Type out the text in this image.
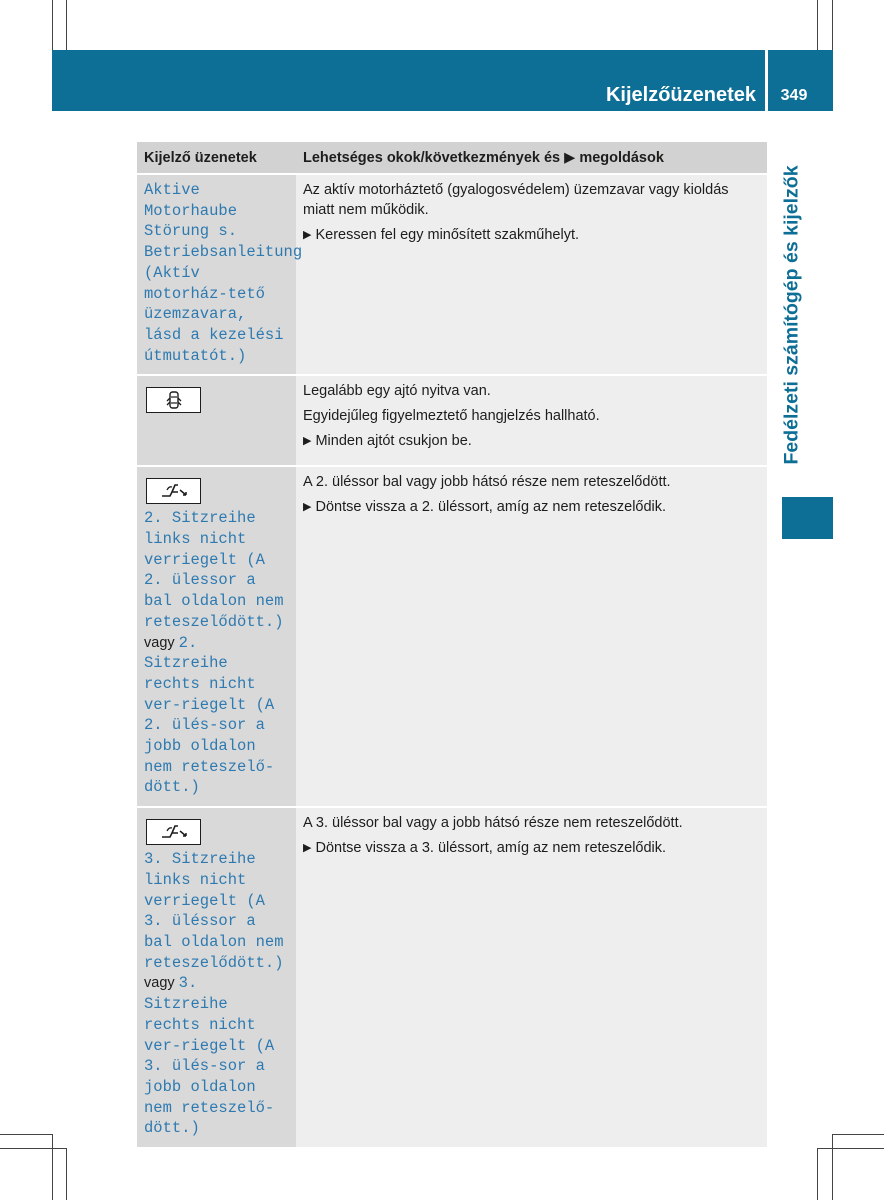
Kijelzőüzenetek	349
Fedélzeti számítógép és kijelzők
Kijelző üzenetek	Lehetséges okok/következmények és ▶ megoldások
Aktive Motorhaube Störung s. Betriebsanleitung (Aktív motorház-tető üzemzavara, lásd a kezelési útmutatót.)	Az aktív motorháztető (gyalogosvédelem) üzemzavar vagy kioldás miatt nem működik.
▶ Keressen fel egy minősített szakműhelyt.

Legalább egy ajtó nyitva van.
Egyidejűleg figyelmeztető hangjelzés hallható.
▶ Minden ajtót csukjon be.

2. Sitzreihe links nicht verriegelt (A 2. ülessor a bal oldalon nem reteszelődött.) vagy 2. Sitzreihe rechts nicht ver-riegelt (A 2. ülés-sor a jobb oldalon nem reteszelő-dött.)	A 2. üléssor bal vagy jobb hátsó része nem reteszelődött.
▶ Döntse vissza a 2. üléssort, amíg az nem reteszelődik.

3. Sitzreihe links nicht verriegelt (A 3. üléssor a bal oldalon nem reteszelődött.) vagy 3. Sitzreihe rechts nicht ver-riegelt (A 3. ülés-sor a jobb oldalon nem reteszelő-dött.)	A 3. üléssor bal vagy a jobb hátsó része nem reteszelődött.
▶ Döntse vissza a 3. üléssort, amíg az nem reteszelődik.
